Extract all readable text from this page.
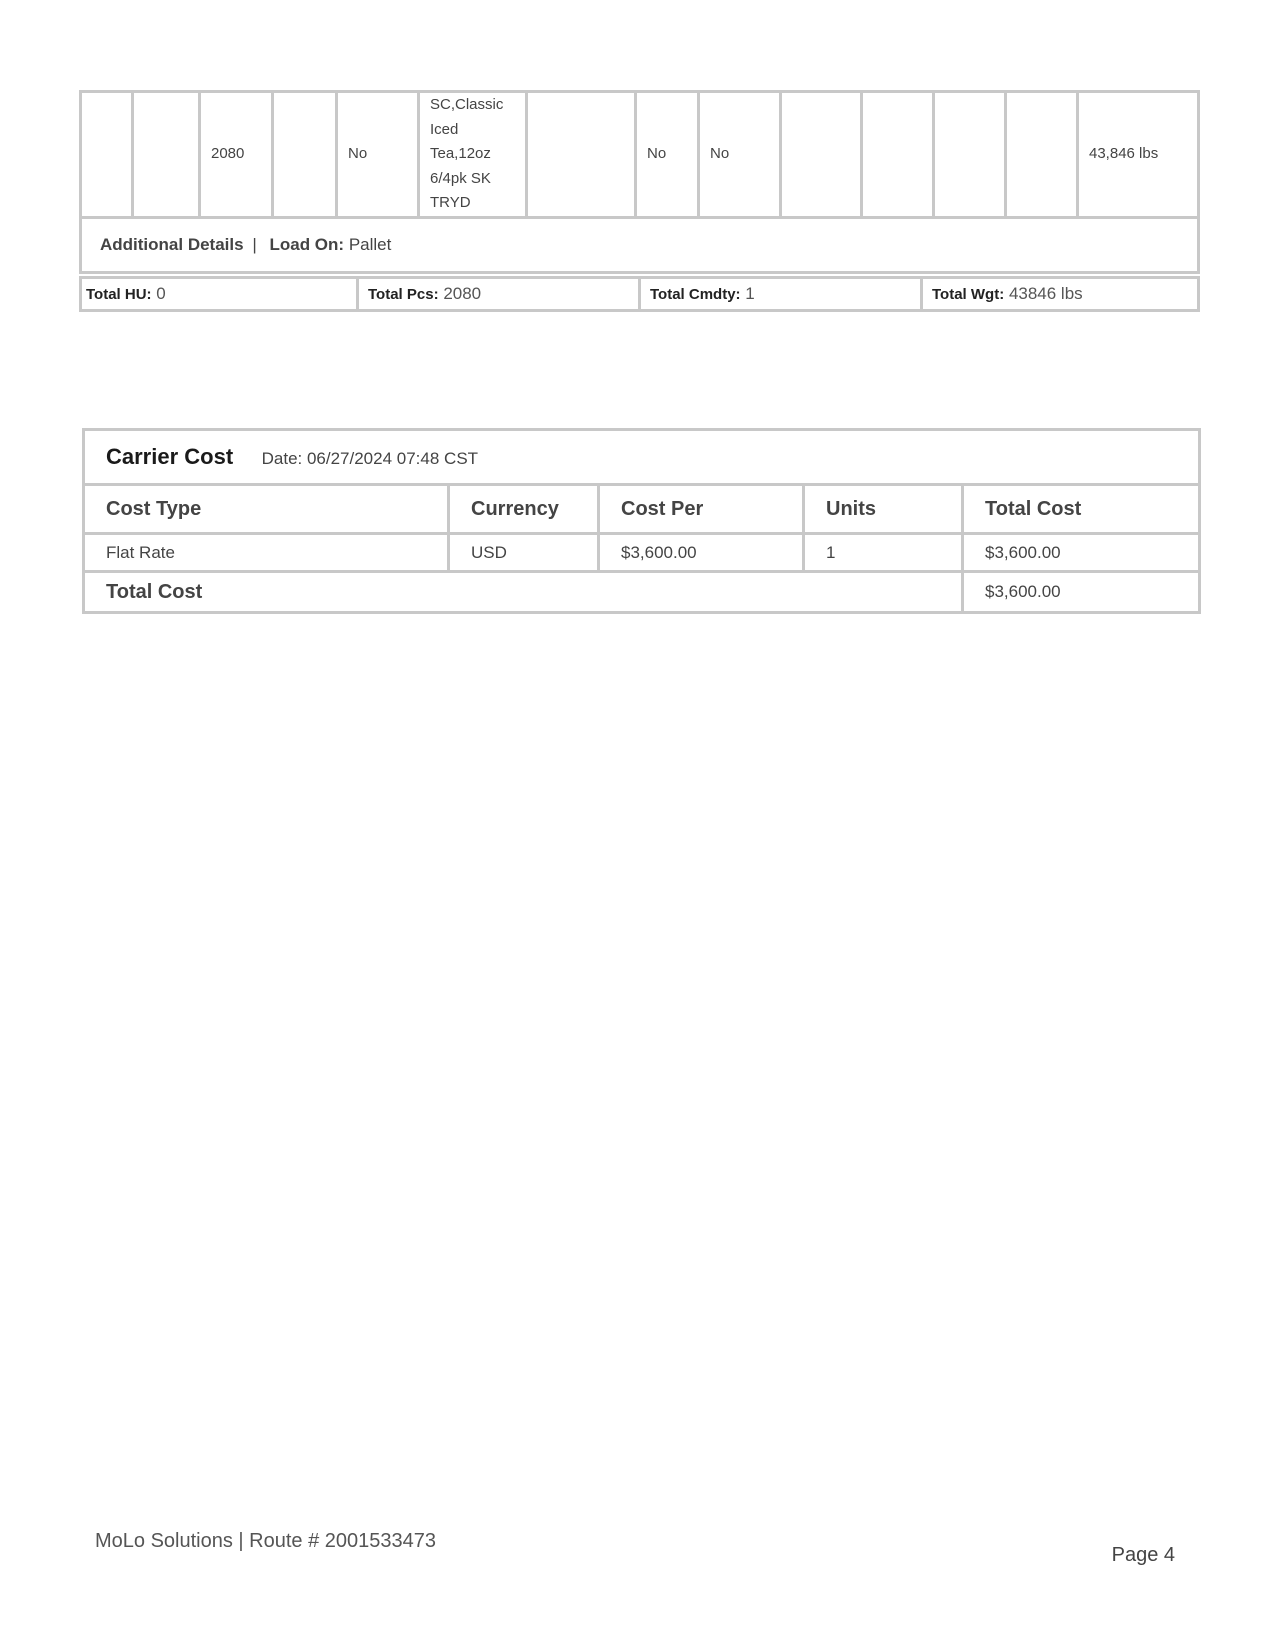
		2080		No	SC,Classic Iced Tea,12oz 6/4pk SK TRYD		No	No					43,846 lbs
Additional Details | Load On: Pallet
Total HU: 0	Total Pcs: 2080	Total Cmdty: 1	Total Wgt: 43846 lbs
Carrier Cost Date: 06/27/2024 07:48 CST				
Cost Type	Currency	Cost Per	Units	Total Cost
Flat Rate	USD	$3,600.00	1	$3,600.00
Total Cost				$3,600.00
MoLo Solutions | Route # 2001533473
Page 4
